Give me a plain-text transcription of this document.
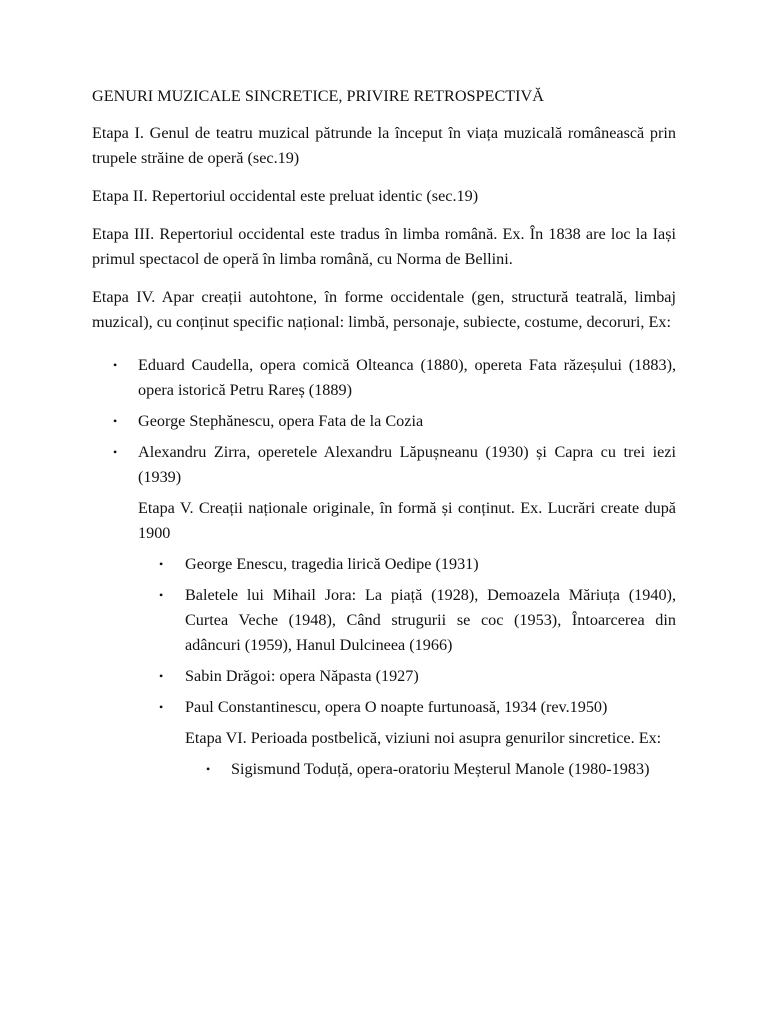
GENURI MUZICALE SINCRETICE, PRIVIRE RETROSPECTIVĂ

Etapa I. Genul de teatru muzical pătrunde la început în viața muzicală românească prin trupele străine de operă (sec.19)

Etapa II. Repertoriul occidental este preluat identic (sec.19)

Etapa III. Repertoriul occidental este tradus în limba română. Ex. În 1838 are loc la Iași primul spectacol de operă în limba română, cu Norma de Bellini.

Etapa IV. Apar creații autohtone, în forme occidentale (gen, structură teatrală, limbaj muzical), cu conținut specific național: limbă, personaje, subiecte, costume, decoruri, Ex:

• Eduard Caudella, opera comică Olteanca (1880), opereta Fata răzeșului (1883), opera istorică Petru Rareș (1889)
• George Stephănescu, opera Fata de la Cozia
• Alexandru Zirra, operetele Alexandru Lăpușneanu (1930) și Capra cu trei iezi (1939)

Etapa V. Creații naționale originale, în formă și conținut. Ex. Lucrări create după 1900

• George Enescu, tragedia lirică Oedipe (1931)
• Baletele lui Mihail Jora: La piață (1928), Demoazela Măriuța (1940), Curtea Veche (1948), Când strugurii se coc (1953), Întoarcerea din adâncuri (1959), Hanul Dulcineea (1966)
• Sabin Drăgoi: opera Năpasta (1927)
• Paul Constantinescu, opera O noapte furtunoasă, 1934 (rev.1950)

Etapa VI. Perioada postbelică, viziuni noi asupra genurilor sincretice. Ex:

• Sigismund Toduță, opera-oratoriu Meșterul Manole (1980-1983)
